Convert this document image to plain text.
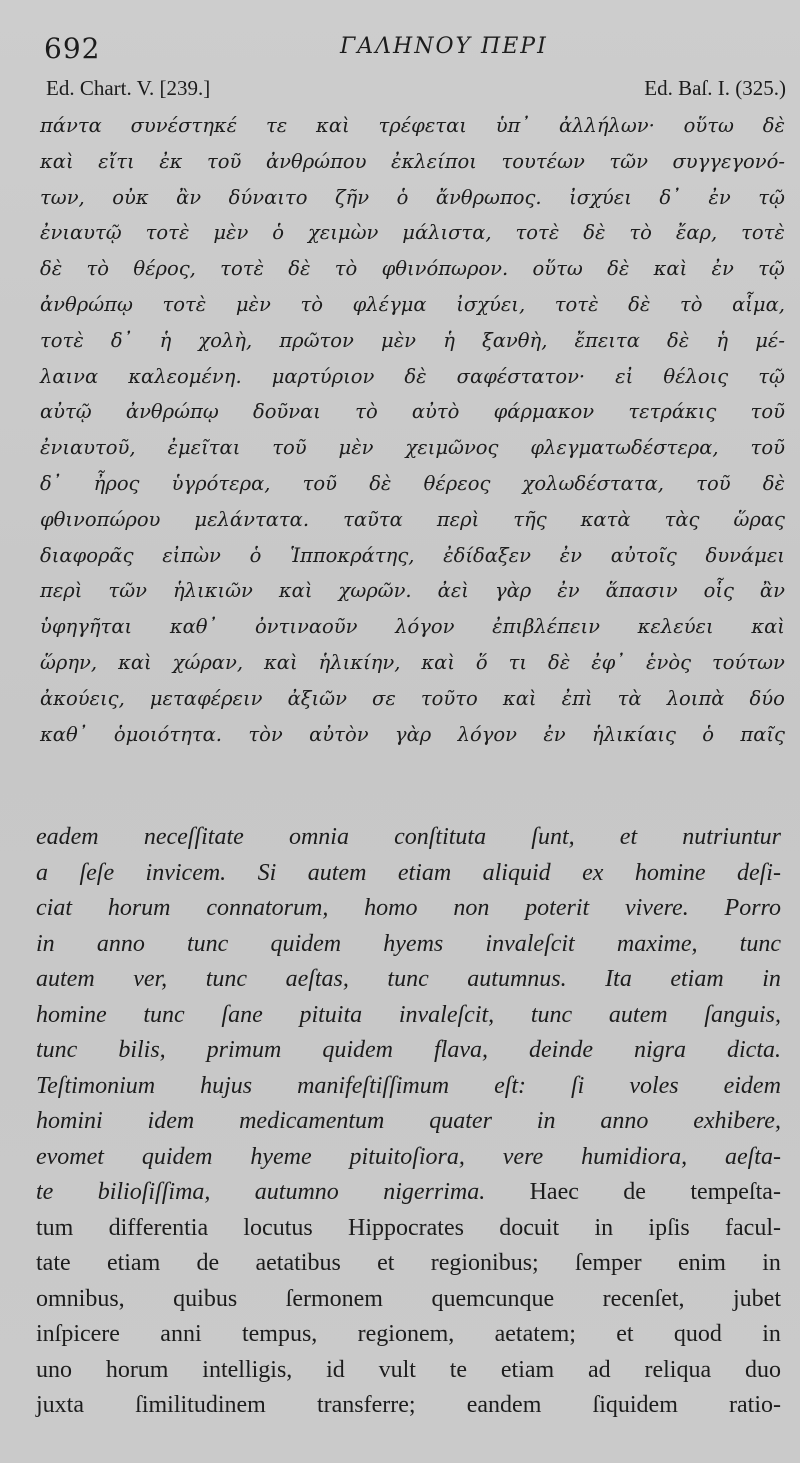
692	ΓΑΛΗΝΟΥ ΠΕΡΙ
Ed. Chart. V. [239.]	Ed. Baſ. I. (325.)
πάντα συνέστηκέ τε καὶ τρέφεται ὑπ᾽ ἀλλήλων· οὕτω δὲ
καὶ εἴτι ἐκ τοῦ ἀνθρώπου ἐκλείποι τουτέων τῶν συγγεγονό-
των, οὐκ ἂν δύναιτο ζῆν ὁ ἄνθρωπος. ἰσχύει δ᾽ ἐν τῷ
ἐνιαυτῷ τοτὲ μὲν ὁ χειμὼν μάλιστα, τοτὲ δὲ τὸ ἔαρ, τοτὲ
δὲ τὸ θέρος, τοτὲ δὲ τὸ φθινόπωρον. οὕτω δὲ καὶ ἐν τῷ
ἀνθρώπῳ τοτὲ μὲν τὸ φλέγμα ἰσχύει, τοτὲ δὲ τὸ αἷμα,
τοτὲ δ᾽ ἡ χολὴ, πρῶτον μὲν ἡ ξανθὴ, ἔπειτα δὲ ἡ μέ-
λαινα καλεομένη. μαρτύριον δὲ σαφέστατον· εἰ θέλοις τῷ
αὐτῷ ἀνθρώπῳ δοῦναι τὸ αὐτὸ φάρμακον τετράκις τοῦ
ἐνιαυτοῦ, ἐμεῖται τοῦ μὲν χειμῶνος φλεγματωδέστερα, τοῦ
δ᾽ ἦρος ὑγρότερα, τοῦ δὲ θέρεος χολωδέστατα, τοῦ δὲ
φθινοπώρου μελάντατα. ταῦτα περὶ τῆς κατὰ τὰς ὥρας
διαφορᾶς εἰπὼν ὁ Ἱπποκράτης, ἐδίδαξεν ἐν αὐτοῖς δυνάμει
περὶ τῶν ἡλικιῶν καὶ χωρῶν. ἀεὶ γὰρ ἐν ἅπασιν οἷς ἂν
ὑφηγῆται καθ᾽ ὀντιναοῦν λόγον ἐπιβλέπειν κελεύει καὶ
ὥρην, καὶ χώραν, καὶ ἡλικίην, καὶ ὅ τι δὲ ἐφ᾽ ἑνὸς τούτων
ἀκούεις, μεταφέρειν ἀξιῶν σε τοῦτο καὶ ἐπὶ τὰ λοιπὰ δύο
καθ᾽ ὁμοιότητα. τὸν αὐτὸν γὰρ λόγον ἐν ἡλικίαις ὁ παῖς
eadem neceſſitate omnia conſtituta ſunt, et nutriuntur
a ſeſe invicem. Si autem etiam aliquid ex homine deſi-
ciat horum connatorum, homo non poterit vivere. Porro
in anno tunc quidem hyems invaleſcit maxime, tunc
autem ver, tunc aeſtas, tunc autumnus. Ita etiam in
homine tunc ſane pituita invaleſcit, tunc autem ſanguis,
tunc bilis, primum quidem flava, deinde nigra dicta.
Teſtimonium hujus manifeſtiſſimum eſt: ſi voles eidem
homini idem medicamentum quater in anno exhibere,
evomet quidem hyeme pituitoſiora, vere humidiora, aeſta-
te bilioſiſſima, autumno nigerrima. Haec de tempeſta-
tum differentia locutus Hippocrates docuit in ipſis facul-
tate etiam de aetatibus et regionibus; ſemper enim in
omnibus, quibus ſermonem quemcunque recenſet, jubet
inſpicere anni tempus, regionem, aetatem; et quod in
uno horum intelligis, id vult te etiam ad reliqua duo
juxta ſimilitudinem transferre; eandem ſiquidem ratio-
